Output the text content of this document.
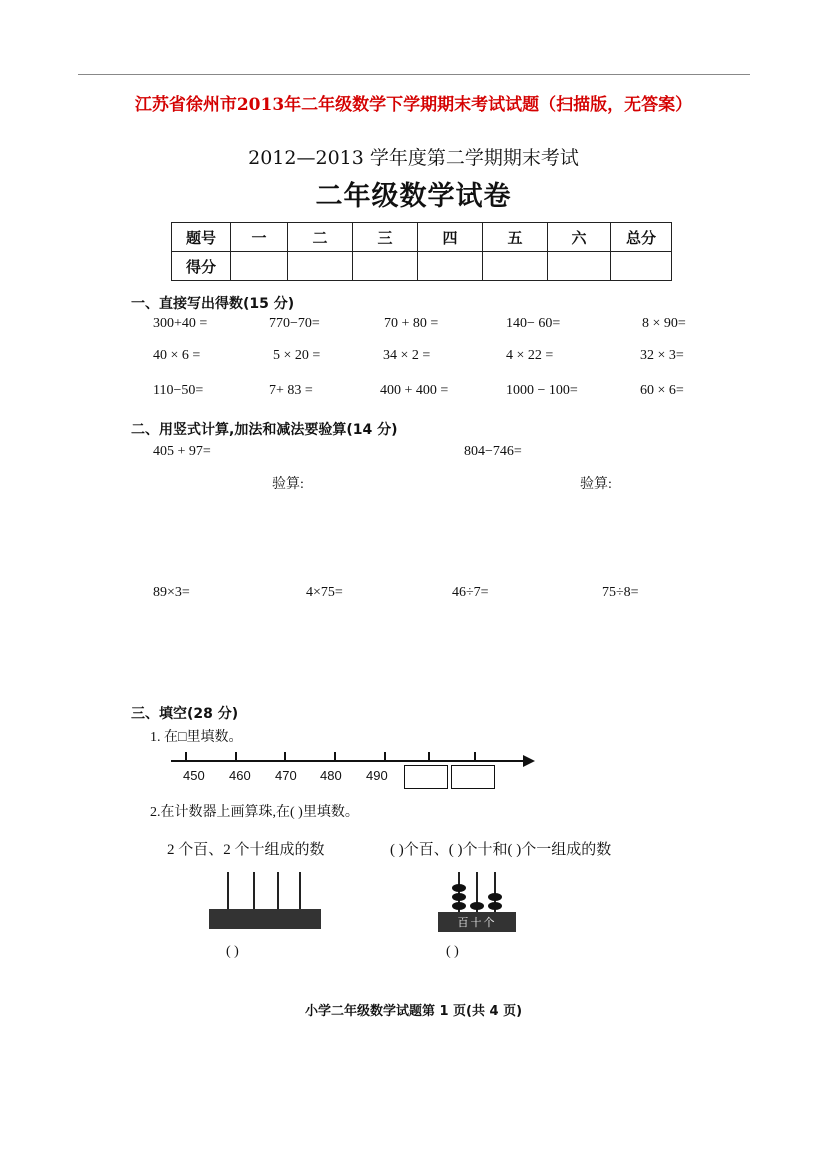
江苏省徐州市2013年二年级数学下学期期末考试试题（扫描版，无答案）
2012—2013 学年度第二学期期末考试
二年级数学试卷
题号	一	二	三	四	五	六	总分
得分							
一、直接写出得数(15 分)
300+40 =	770−70=	70 + 80 =	140− 60=	8 × 90=
40 × 6 =	5 × 20 =	34 × 2 =	4 × 22 =	32 × 3=
110−50=	7+ 83 =	400 + 400 =	1000 − 100=	60 × 6=
二、用竖式计算,加法和减法要验算(14 分)
405 + 97=	804−746=
验算:	验算:
89×3=	4×75=	46÷7=	75÷8=
三、填空(28 分)
1. 在□里填数。
450 460 470 480 490
2.在计数器上画算珠,在( )里填数。
2 个百、2 个十组成的数	( )个百、( )个十和( )个一组成的数
( )
百十个
( )
小学二年级数学试题第 1 页(共 4 页)
